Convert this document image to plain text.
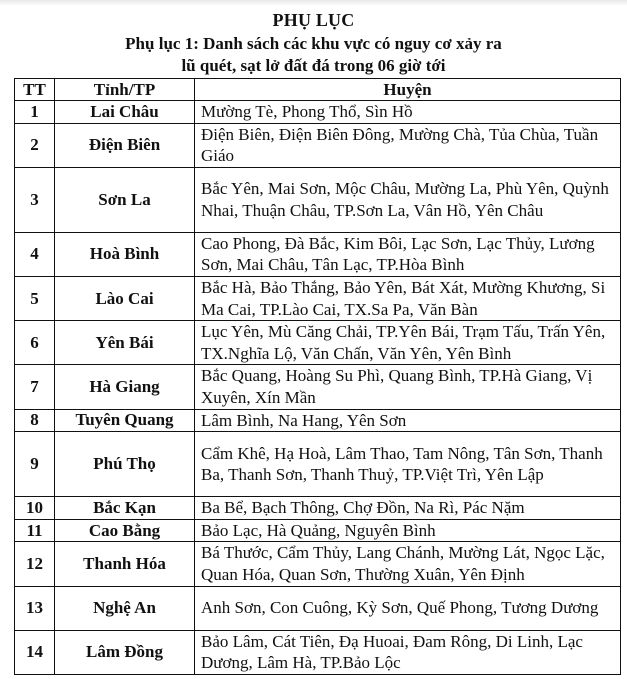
PHỤ LỤC
Phụ lục 1: Danh sách các khu vực có nguy cơ xảy ra
lũ quét, sạt lở đất đá trong 06 giờ tới
TT	Tỉnh/TP	Huyện
1	Lai Châu	Mường Tè, Phong Thổ, Sìn Hồ
2	Điện Biên	Điện Biên, Điện Biên Đông, Mường Chà, Tủa Chùa, Tuần Giáo
3	Sơn La	Bắc Yên, Mai Sơn, Mộc Châu, Mường La, Phù Yên, Quỳnh Nhai, Thuận Châu, TP.Sơn La, Vân Hồ, Yên Châu
4	Hoà Bình	Cao Phong, Đà Bắc, Kim Bôi, Lạc Sơn, Lạc Thủy, Lương Sơn, Mai Châu, Tân Lạc, TP.Hòa Bình
5	Lào Cai	Bắc Hà, Bảo Thắng, Bảo Yên, Bát Xát, Mường Khương, Si Ma Cai, TP.Lào Cai, TX.Sa Pa, Văn Bàn
6	Yên Bái	Lục Yên, Mù Căng Chải, TP.Yên Bái, Trạm Tấu, Trấn Yên, TX.Nghĩa Lộ, Văn Chấn, Văn Yên, Yên Bình
7	Hà Giang	Bắc Quang, Hoàng Su Phì, Quang Bình, TP.Hà Giang, Vị Xuyên, Xín Mần
8	Tuyên Quang	Lâm Bình, Na Hang, Yên Sơn
9	Phú Thọ	Cẩm Khê, Hạ Hoà, Lâm Thao, Tam Nông, Tân Sơn, Thanh Ba, Thanh Sơn, Thanh Thuỷ, TP.Việt Trì, Yên Lập
10	Bắc Kạn	Ba Bể, Bạch Thông, Chợ Đồn, Na Rì, Pác Nặm
11	Cao Bằng	Bảo Lạc, Hà Quảng, Nguyên Bình
12	Thanh Hóa	Bá Thước, Cẩm Thủy, Lang Chánh, Mường Lát, Ngọc Lặc, Quan Hóa, Quan Sơn, Thường Xuân, Yên Định
13	Nghệ An	Anh Sơn, Con Cuông, Kỳ Sơn, Quế Phong, Tương Dương
14	Lâm Đồng	Bảo Lâm, Cát Tiên, Đạ Huoai, Đam Rông, Di Linh, Lạc Dương, Lâm Hà, TP.Bảo Lộc
